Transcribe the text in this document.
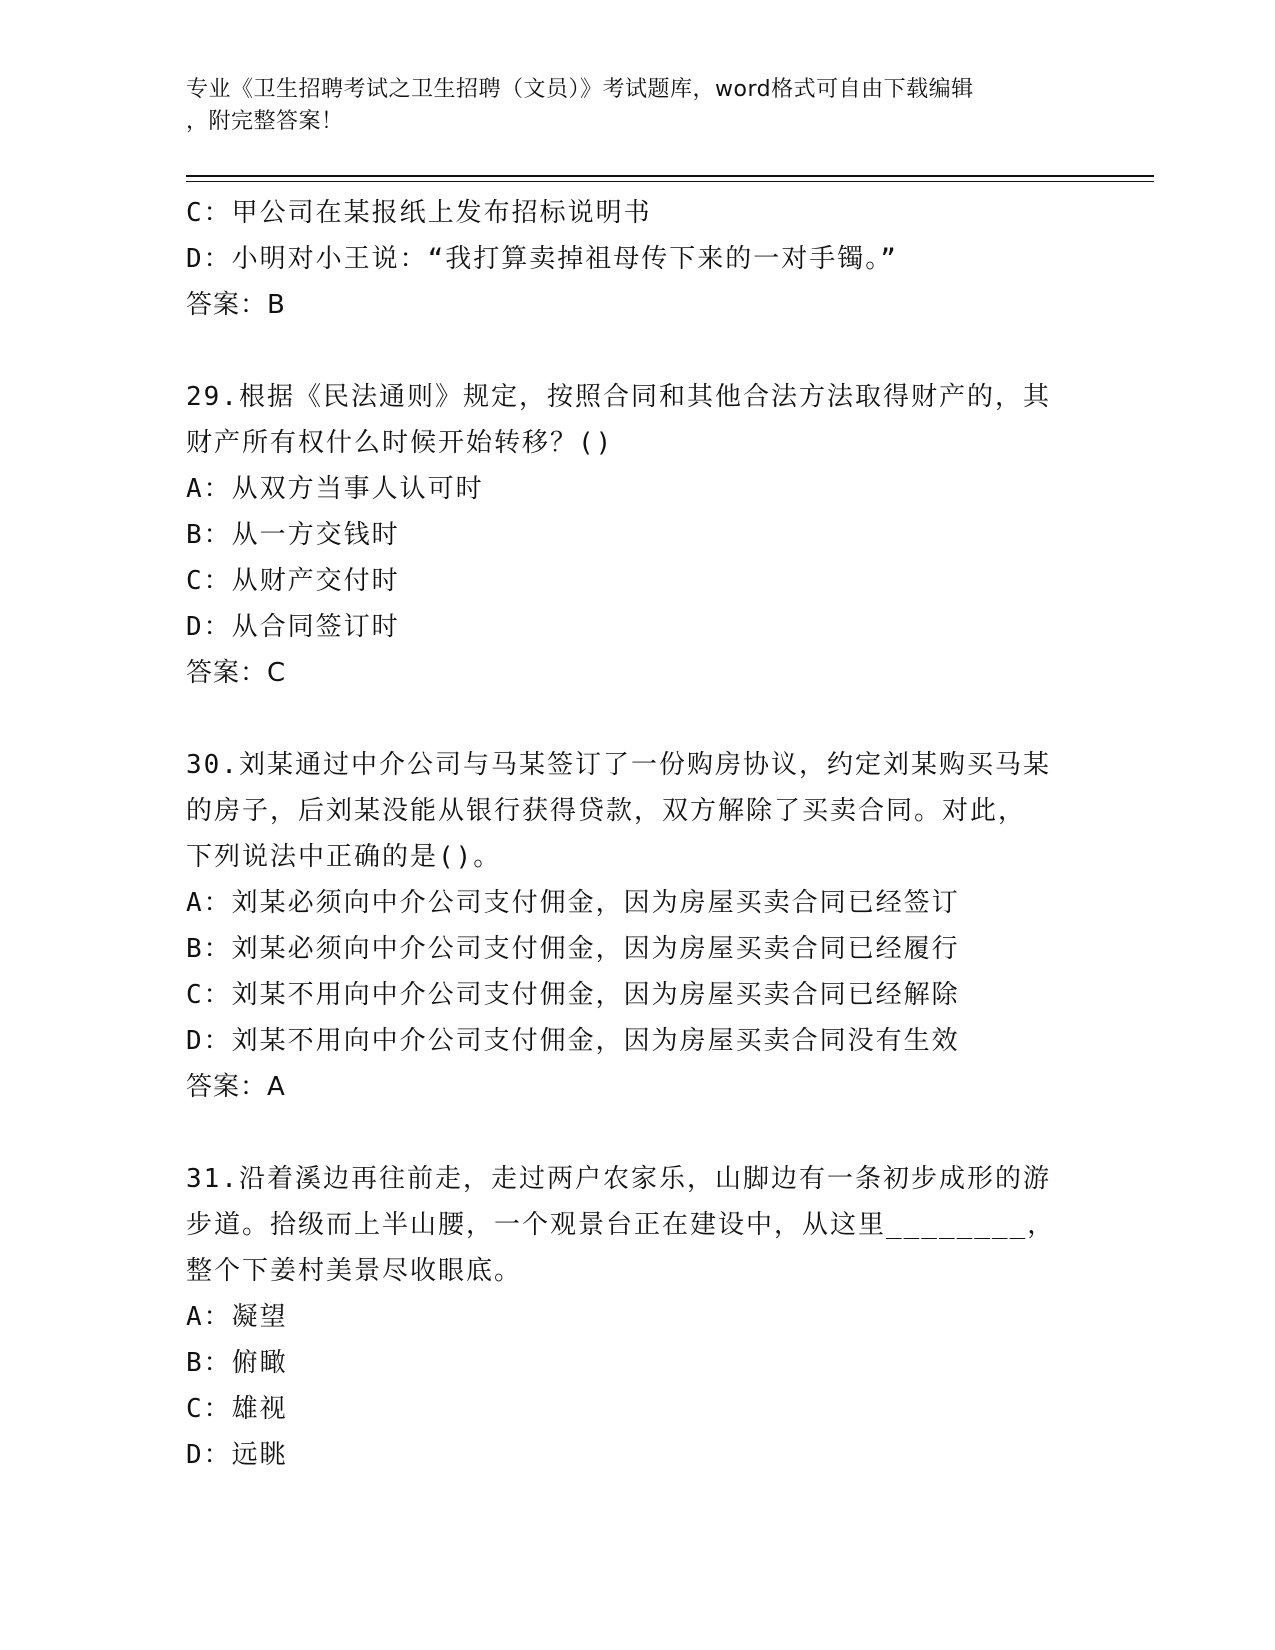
专业《卫生招聘考试之卫生招聘（文员）》考试题库，word格式可自由下载编辑
，附完整答案！
C：甲公司在某报纸上发布招标说明书
D：小明对小王说：“我打算卖掉祖母传下来的一对手镯。”
答案：B
29.根据《民法通则》规定，按照合同和其他合法方法取得财产的，其
财产所有权什么时候开始转移？()
A：从双方当事人认可时
B：从一方交钱时
C：从财产交付时
D：从合同签订时
答案：C
30.刘某通过中介公司与马某签订了一份购房协议，约定刘某购买马某
的房子，后刘某没能从银行获得贷款，双方解除了买卖合同。对此，
下列说法中正确的是()。
A：刘某必须向中介公司支付佣金，因为房屋买卖合同已经签订
B：刘某必须向中介公司支付佣金，因为房屋买卖合同已经履行
C：刘某不用向中介公司支付佣金，因为房屋买卖合同已经解除
D：刘某不用向中介公司支付佣金，因为房屋买卖合同没有生效
答案：A
31.沿着溪边再往前走，走过两户农家乐，山脚边有一条初步成形的游
步道。拾级而上半山腰，一个观景台正在建设中，从这里________，
整个下姜村美景尽收眼底。
A：凝望
B：俯瞰
C：雄视
D：远眺
